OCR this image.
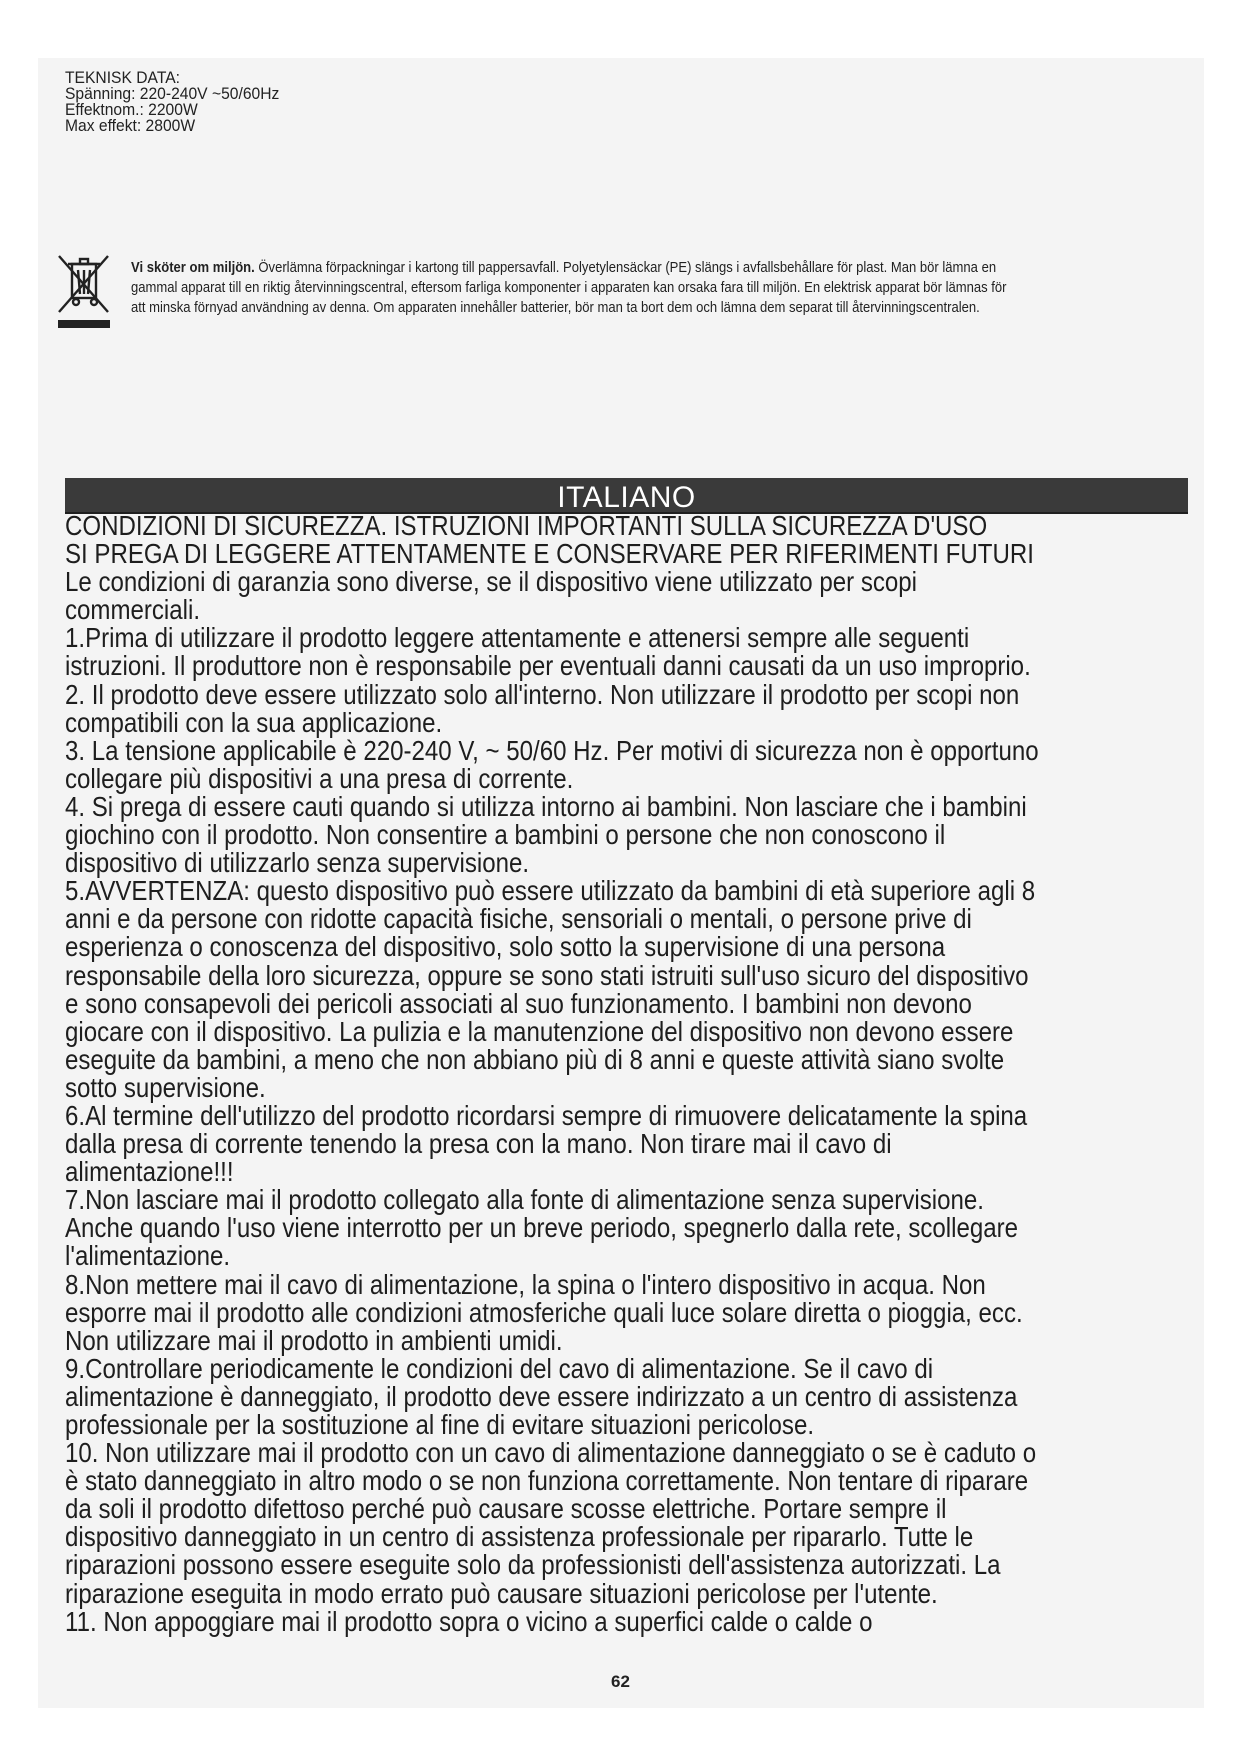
TEKNISK DATA:
Spänning: 220-240V ~50/60Hz
Effektnom.: 2200W
Max effekt: 2800W
Vi sköter om miljön. Överlämna förpackningar i kartong till pappersavfall. Polyetylensäckar (PE) slängs i avfallsbehållare för plast. Man bör lämna en
gammal apparat till en riktig återvinningscentral, eftersom farliga komponenter i apparaten kan orsaka fara till miljön. En elektrisk apparat bör lämnas för
att minska förnyad användning av denna. Om apparaten innehåller batterier, bör man ta bort dem och lämna dem separat till återvinningscentralen.
ITALIANO
CONDIZIONI DI SICUREZZA. ISTRUZIONI IMPORTANTI SULLA SICUREZZA D'USO
SI PREGA DI LEGGERE ATTENTAMENTE E CONSERVARE PER RIFERIMENTI FUTURI
Le condizioni di garanzia sono diverse, se il dispositivo viene utilizzato per scopi
commerciali.
1.Prima di utilizzare il prodotto leggere attentamente e attenersi sempre alle seguenti
istruzioni. Il produttore non è responsabile per eventuali danni causati da un uso improprio.
2. Il prodotto deve essere utilizzato solo all'interno. Non utilizzare il prodotto per scopi non
compatibili con la sua applicazione.
3. La tensione applicabile è 220-240 V, ~ 50/60 Hz. Per motivi di sicurezza non è opportuno
collegare più dispositivi a una presa di corrente.
4. Si prega di essere cauti quando si utilizza intorno ai bambini. Non lasciare che i bambini
giochino con il prodotto. Non consentire a bambini o persone che non conoscono il
dispositivo di utilizzarlo senza supervisione.
5.AVVERTENZA: questo dispositivo può essere utilizzato da bambini di età superiore agli 8
anni e da persone con ridotte capacità fisiche, sensoriali o mentali, o persone prive di
esperienza o conoscenza del dispositivo, solo sotto la supervisione di una persona
responsabile della loro sicurezza, oppure se sono stati istruiti sull'uso sicuro del dispositivo
e sono consapevoli dei pericoli associati al suo funzionamento. I bambini non devono
giocare con il dispositivo. La pulizia e la manutenzione del dispositivo non devono essere
eseguite da bambini, a meno che non abbiano più di 8 anni e queste attività siano svolte
sotto supervisione.
6.Al termine dell'utilizzo del prodotto ricordarsi sempre di rimuovere delicatamente la spina
dalla presa di corrente tenendo la presa con la mano. Non tirare mai il cavo di
alimentazione!!!
7.Non lasciare mai il prodotto collegato alla fonte di alimentazione senza supervisione.
Anche quando l'uso viene interrotto per un breve periodo, spegnerlo dalla rete, scollegare
l'alimentazione.
8.Non mettere mai il cavo di alimentazione, la spina o l'intero dispositivo in acqua. Non
esporre mai il prodotto alle condizioni atmosferiche quali luce solare diretta o pioggia, ecc.
Non utilizzare mai il prodotto in ambienti umidi.
9.Controllare periodicamente le condizioni del cavo di alimentazione. Se il cavo di
alimentazione è danneggiato, il prodotto deve essere indirizzato a un centro di assistenza
professionale per la sostituzione al fine di evitare situazioni pericolose.
10. Non utilizzare mai il prodotto con un cavo di alimentazione danneggiato o se è caduto o
è stato danneggiato in altro modo o se non funziona correttamente. Non tentare di riparare
da soli il prodotto difettoso perché può causare scosse elettriche. Portare sempre il
dispositivo danneggiato in un centro di assistenza professionale per ripararlo. Tutte le
riparazioni possono essere eseguite solo da professionisti dell'assistenza autorizzati. La
riparazione eseguita in modo errato può causare situazioni pericolose per l'utente.
11. Non appoggiare mai il prodotto sopra o vicino a superfici calde o calde o
62
